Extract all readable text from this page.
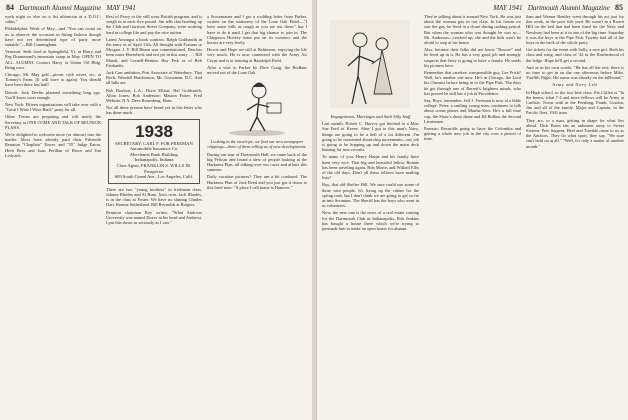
84 Dartmouth Alumni Magazine MAY 1941

work night or else on a list afternoon at a D.O.C. cabin."

Philadelphia: Week of May—and "You can count on us to observe the occasion in fitting fashion though have not yet determined type of party more suitable."—Bill Cunningham.

Vermont: Seek food at Springfield, Vt. at Harry and Peg Drummond's mountain camp in May. OPEN TO ALL ALUMNI. Contact Harry at Union Oil Bldg. Bring own.

Chicago: Mr. May golf—picnic with wives, etc. at Tommy's Farm. (It will have to again). You should have been there last half!

Detroit: Jack Devlin planned something long ago. You'll know soon enough.

New York: Fifteen organizations will take over with a "Gosh I Wish I Were Back" party for all.

Other Towns are preparing and will notify the Secretary at ONE COME AND TALK OF REUNION PLANS.

We're delighted to welcome more (or almost) into the mailer. Most have already paid their Fifteenth Reunion "Chaplain" Tower, and "35" Judge Eaton. Herb Bees and Juan Perillan of Bruce and Jim Ledyard; .

Rest of Peary to the still wear British program, and is weigh in at each five pound. Stu tells that heading up the Club and Garrison Street Company, were working hard in college life and pay the nice tuition.

Latest Amongst a book contract, Ralph Goldsmith in the army as of April 11th. All thought with Fortune or Morgan. J. V. Bill Hearn was commissioned. Dan has been more Haverbeck and not yet in this army . . . Bill Marsh, and Cornell-Benton. Hay Fisk as of Bob Fairbanks.

Jack Carr ambition, Post Associate of Waterbury. That Beck, Wendell Hutchinson, Mr. Grossman, D.C. And all bills are.

Bob Boulton, L.A.; Dixie Elliott; Hal Goldsmith; Alton Jones; Bob Anderson; Maston Potter; Fred Webster, N.Y. Dave Rosenberg, Hans.

Not all these present have heard yet in this letter who has done much.

1938
SECRETARY, CARL F. FOR FREEMAN
Automobile Insurance Co.
Merchants Bank Building
Indianapolis, Indiana
Class Agent, FRANKLIN S. WILLS JR.
Prospector
609 South Grand Ave., Los Angeles, Calif.

There are two "young brothers" in freshman class. Johnny Rhodes and Al Hunt. Jim's twin, Jack Rhodes, is in the class at Foster. We have no shining Charles Dart. Ronnie Sutherland, Bill Reynolds at Rutgers.

Reunion chairman Roy writes: "What Andover University was named Dover in his head and Amherst. I put this down as seriously as I can."

a Scoutmaster and I got a scolding letter from Parker, written on the stationery of the Lone Oak Hotel—"I have some hills as rough as you are out there," but I have to do it until I get that big chance to join in. The Chippewa Hockey team put on its sweaters and the horses are very lively.

Howie and Hope are still at Baltimore, enjoying the life very much. He is now connected with the Army Air Corps and is in training at Randolph Field.

After a visit to Parker by Dave Craig, the Bodkins moved out of the Lone Oak.

Looking in the envelope, we find our new newspaper clippings—three of them telling us of new developments.

During our tour of Dartmouth Hall, we came back of the big Pelican and found a slew of people looking at the Harkness Plan, all talking over our cares and affairs this summer.

Daily vacation pictures? They are a bit confused. The Harkness Plan of Jack Reed and you just got it down to this brief note: "A place I call home is Hanover."

MAY 1941 Dartmouth Alumni Magazine 85

Engagements, Marriages and Such Silly Stuff

Last month, Robert C. Harvey got hitched to a Miss Sue Ford of Keene. After I got to this man's Navy, things are going to be a hell of a lot different. I'm going to be concerned about ship movements—my job is going to be hopping up and down the main deck hunting for new recruits.

To many of you, Henry Harpe and his family have been very nice. That big and beautiful fellow Ronnie has been traveling again, Bob Morris and Willard Ellis of the old days. Don't all these fellows have mailing lists?

Boy, that old Shelter Hill. We sure could use some of those nice people. It's fixing up the cabins for the spring rush, but I don't think we are going to get so far as into Scranton. The Sheriff has the boys who went in as volunteers.

Now, the new one is the news of a real estate coming for the Dartmouth Club in Indianapolis. Bob Jenkins has bought a house there which we're trying to persuade him to make an open house for alumni.

They're talking about it around New York. He was just about the woman guy in our class. In his forum we saw the guy, he lived in a closet during rushing period. But when the woman who was thought he was so—Mr. Anderson—cracked up, she and the kids won't be afraid to stop at his house.

Also, because their folks did not know "Roscoe" and he lived up in it. He has a very good job and strongly suspects that Jerry is going to have a family. He sends his pictures here.

Remember that carefree, irresponsible guy, Lee Frick? Well, he's another one now. He's in Chicago, the Lord his Chemist before being in to the Pipe Fish. The days he got through one of Barrett's brightest minds, who has proved he still has a job in Providence.

Say, Boys, remember, Jeff J. Freeman is now at a bible college. Peter, a smiling young man, continues to talk about ocean planes and Martha Kerr. He's a full time cop, the Shaw's dizzy dame and Ed Rollins the Second Lieutenant.

Peanuts: Reynolds going to have the Colombia and getting a whole new job in the city over a period of time.

than and Warner Bentley went through his act just for this week, in the poor fish yard. He wasn't in a Roach Hill on the bed that had been fined for the Navy and Newbury had been at it in one of the big time. Saturday it was the boys at the Pipe Fish. Twenty had all of the boys in the back of the whole party.

Got tickets for the event with Sally, a nice girl. Both his class and wing, and class of '42 in the Brotherhood of the lodge. Hope he'll get a second.

And as in his own words, "He has all the rest; there is no time to get in on the one afternoon before Mike. Twelfth Night. His name was already on the billboard."

Army and Navy Life

In High school, to the two best class. Pat Cullen is "In the bonus, what 7-4 and more fellows will be Army at Carlisle. Twins with at the Pershing, Frank, Gordon, Jim and all of the family. Major and Captain, in the Pacific fleet, 1941 men.

They are, to a man, getting in shape for what lies ahead. Dick Bates ran an unbeaten army to Sweet Sixteen. Pete Sargent, Heel and Trimble came to us as the Anchors. They do what sport, they say, "We sure can't hold on at all." "Well, it's only a matter of another month."
